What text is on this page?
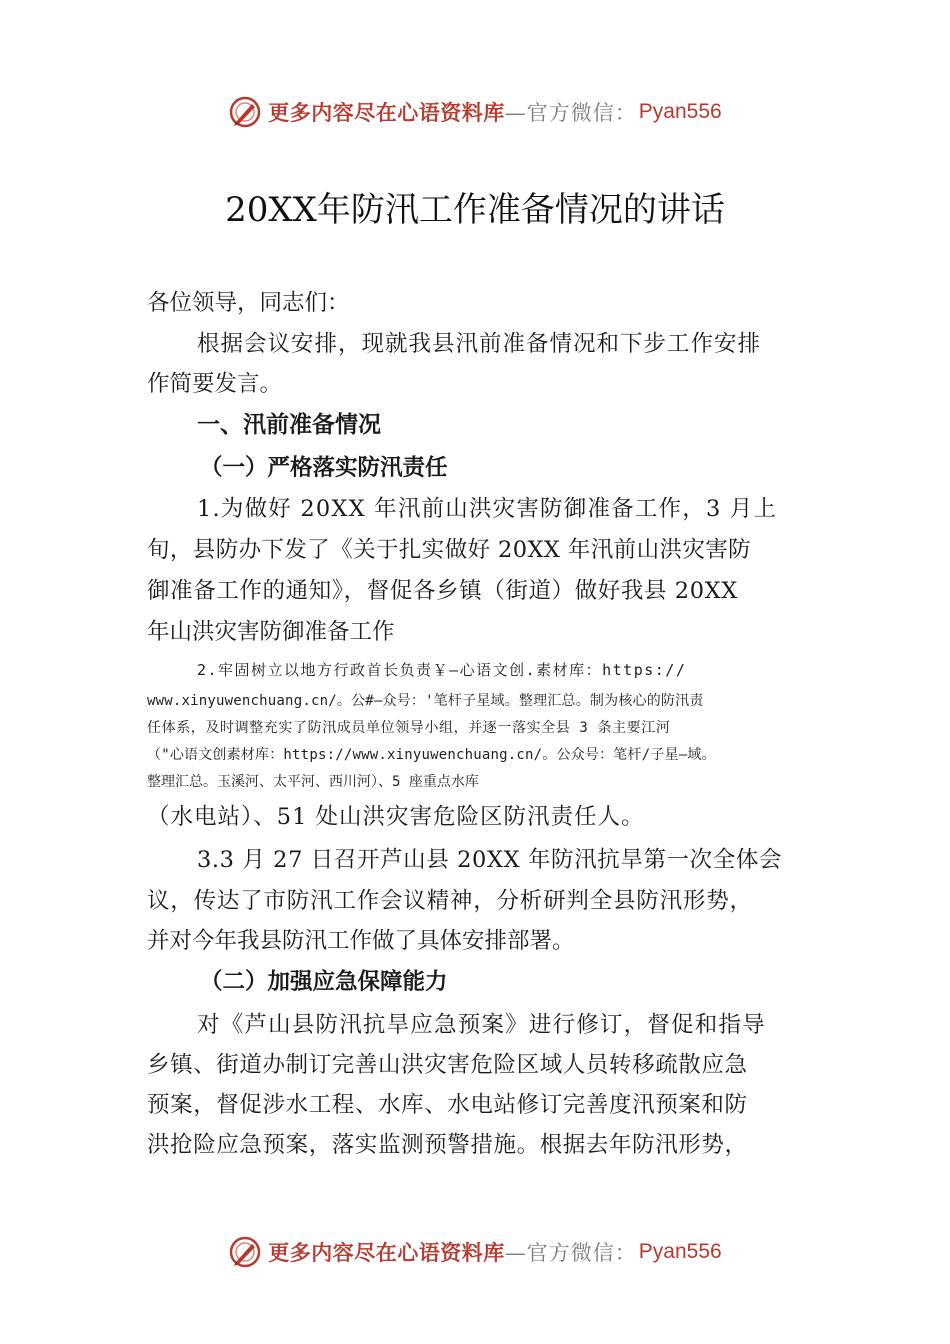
更多内容尽在心语资料库 —官方微信： Pyan556
20XX年防汛工作准备情况的讲话
各位领导，同志们：
根据会议安排，现就我县汛前准备情况和下步工作安排
作简要发言。
一、汛前准备情况
（一）严格落实防汛责任
1.为做好 20XX 年汛前山洪灾害防御准备工作，3 月上
旬，县防办下发了《关于扎实做好 20XX 年汛前山洪灾害防
御准备工作的通知》，督促各乡镇（街道）做好我县 20XX
年山洪灾害防御准备工作
2.牢固树立以地方行政首长负责￥—心语文创.素材库：https://
www.xinyuwenchuang.cn/。公#—众号：'笔杆子星域。整理汇总。制为核心的防汛责
任体系，及时调整充实了防汛成员单位领导小组，并逐一落实全县 3 条主要江河
（"心语文创素材库：https://www.xinyuwenchuang.cn/。公众号：笔杆/子星—域。
整理汇总。玉溪河、太平河、西川河）、5 座重点水库
（水电站）、51 处山洪灾害危险区防汛责任人。
3.3 月 27 日召开芦山县 20XX 年防汛抗旱第一次全体会
议，传达了市防汛工作会议精神，分析研判全县防汛形势，
并对今年我县防汛工作做了具体安排部署。
（二）加强应急保障能力
对《芦山县防汛抗旱应急预案》进行修订，督促和指导
乡镇、街道办制订完善山洪灾害危险区域人员转移疏散应急
预案，督促涉水工程、水库、水电站修订完善度汛预案和防
洪抢险应急预案，落实监测预警措施。根据去年防汛形势，
更多内容尽在心语资料库 —官方微信： Pyan556
